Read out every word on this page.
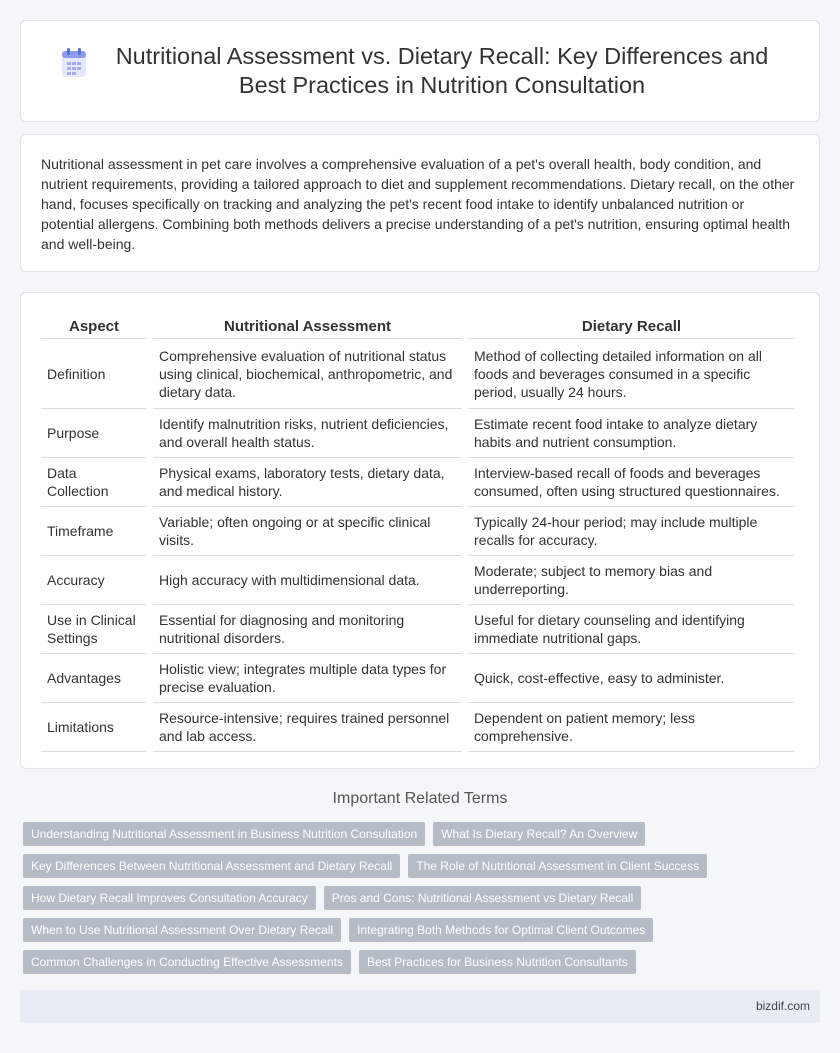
Nutritional Assessment vs. Dietary Recall: Key Differences and Best Practices in Nutrition Consultation

Nutritional assessment in pet care involves a comprehensive evaluation of a pet's overall health, body condition, and nutrient requirements, providing a tailored approach to diet and supplement recommendations. Dietary recall, on the other hand, focuses specifically on tracking and analyzing the pet's recent food intake to identify unbalanced nutrition or potential allergens. Combining both methods delivers a precise understanding of a pet's nutrition, ensuring optimal health and well-being.

Aspect	Nutritional Assessment	Dietary Recall
Definition	Comprehensive evaluation of nutritional status using clinical, biochemical, anthropometric, and dietary data.	Method of collecting detailed information on all foods and beverages consumed in a specific period, usually 24 hours.
Purpose	Identify malnutrition risks, nutrient deficiencies, and overall health status.	Estimate recent food intake to analyze dietary habits and nutrient consumption.
Data Collection	Physical exams, laboratory tests, dietary data, and medical history.	Interview-based recall of foods and beverages consumed, often using structured questionnaires.
Timeframe	Variable; often ongoing or at specific clinical visits.	Typically 24-hour period; may include multiple recalls for accuracy.
Accuracy	High accuracy with multidimensional data.	Moderate; subject to memory bias and underreporting.
Use in Clinical Settings	Essential for diagnosing and monitoring nutritional disorders.	Useful for dietary counseling and identifying immediate nutritional gaps.
Advantages	Holistic view; integrates multiple data types for precise evaluation.	Quick, cost-effective, easy to administer.
Limitations	Resource-intensive; requires trained personnel and lab access.	Dependent on patient memory; less comprehensive.
Important Related Terms
Understanding Nutritional Assessment in Business Nutrition Consultation	What Is Dietary Recall? An Overview
Key Differences Between Nutritional Assessment and Dietary Recall	The Role of Nutritional Assessment in Client Success
How Dietary Recall Improves Consultation Accuracy	Pros and Cons: Nutritional Assessment vs Dietary Recall
When to Use Nutritional Assessment Over Dietary Recall	Integrating Both Methods for Optimal Client Outcomes
Common Challenges in Conducting Effective Assessments	Best Practices for Business Nutrition Consultants
bizdif.com
